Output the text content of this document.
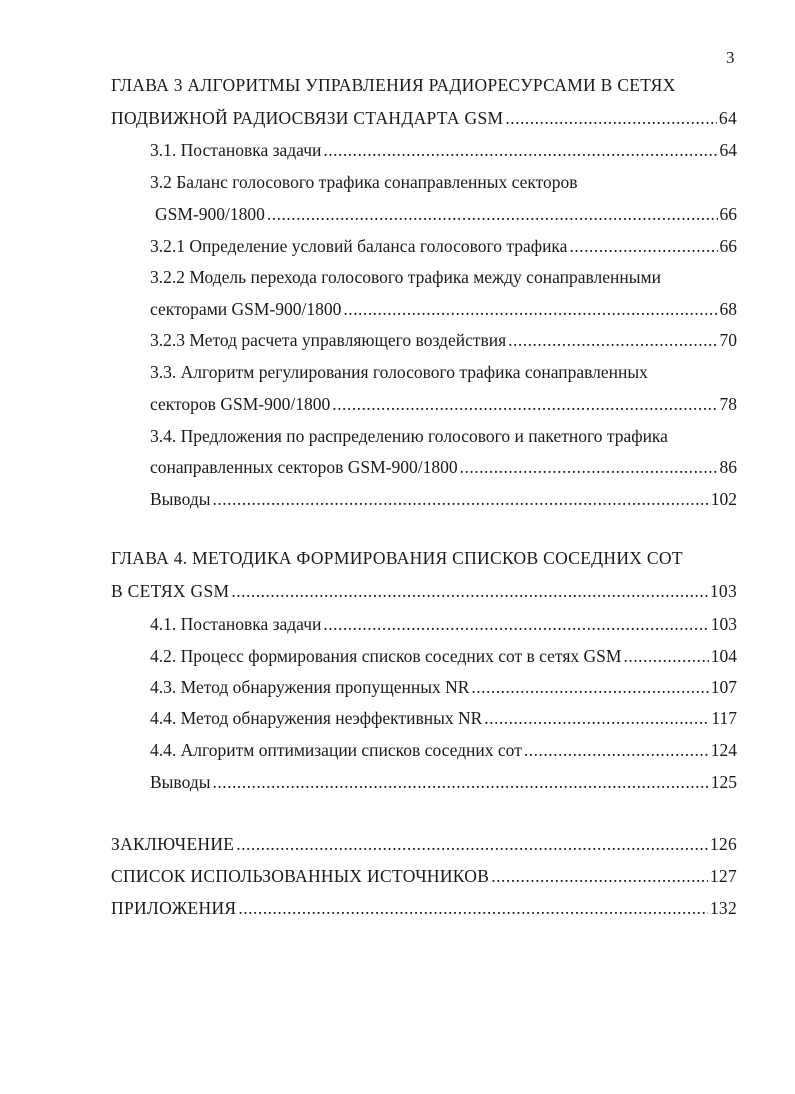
3
ГЛАВА 3 АЛГОРИТМЫ УПРАВЛЕНИЯ РАДИОРЕСУРСАМИ В СЕТЯХ
ПОДВИЖНОЙ РАДИОСВЯЗИ СТАНДАРТА GSM .....	64
3.1. Постановка задачи .....	64
3.2 Баланс голосового трафика сонаправленных секторов
GSM-900/1800 .....	66
3.2.1 Определение условий баланса голосового трафика .....	66
3.2.2 Модель перехода голосового трафика между сонаправленными
секторами GSM-900/1800 .....	68
3.2.3 Метод расчета управляющего воздействия .....	70
3.3. Алгоритм регулирования голосового трафика сонаправленных
секторов GSM-900/1800 .....	78
3.4. Предложения по распределению голосового и пакетного трафика
сонаправленных секторов GSM-900/1800 .....	86
Выводы .....	102
ГЛАВА 4. МЕТОДИКА ФОРМИРОВАНИЯ СПИСКОВ СОСЕДНИХ СОТ
В СЕТЯХ GSM .....	103
4.1. Постановка задачи .....	103
4.2. Процесс формирования списков соседних сот в сетях GSM .....	104
4.3. Метод обнаружения пропущенных NR .....	107
4.4. Метод обнаружения неэффективных NR .....	117
4.4. Алгоритм оптимизации списков соседних сот .....	124
Выводы .....	125
ЗАКЛЮЧЕНИЕ .....	126
СПИСОК ИСПОЛЬЗОВАННЫХ ИСТОЧНИКОВ .....	127
ПРИЛОЖЕНИЯ .....	132
